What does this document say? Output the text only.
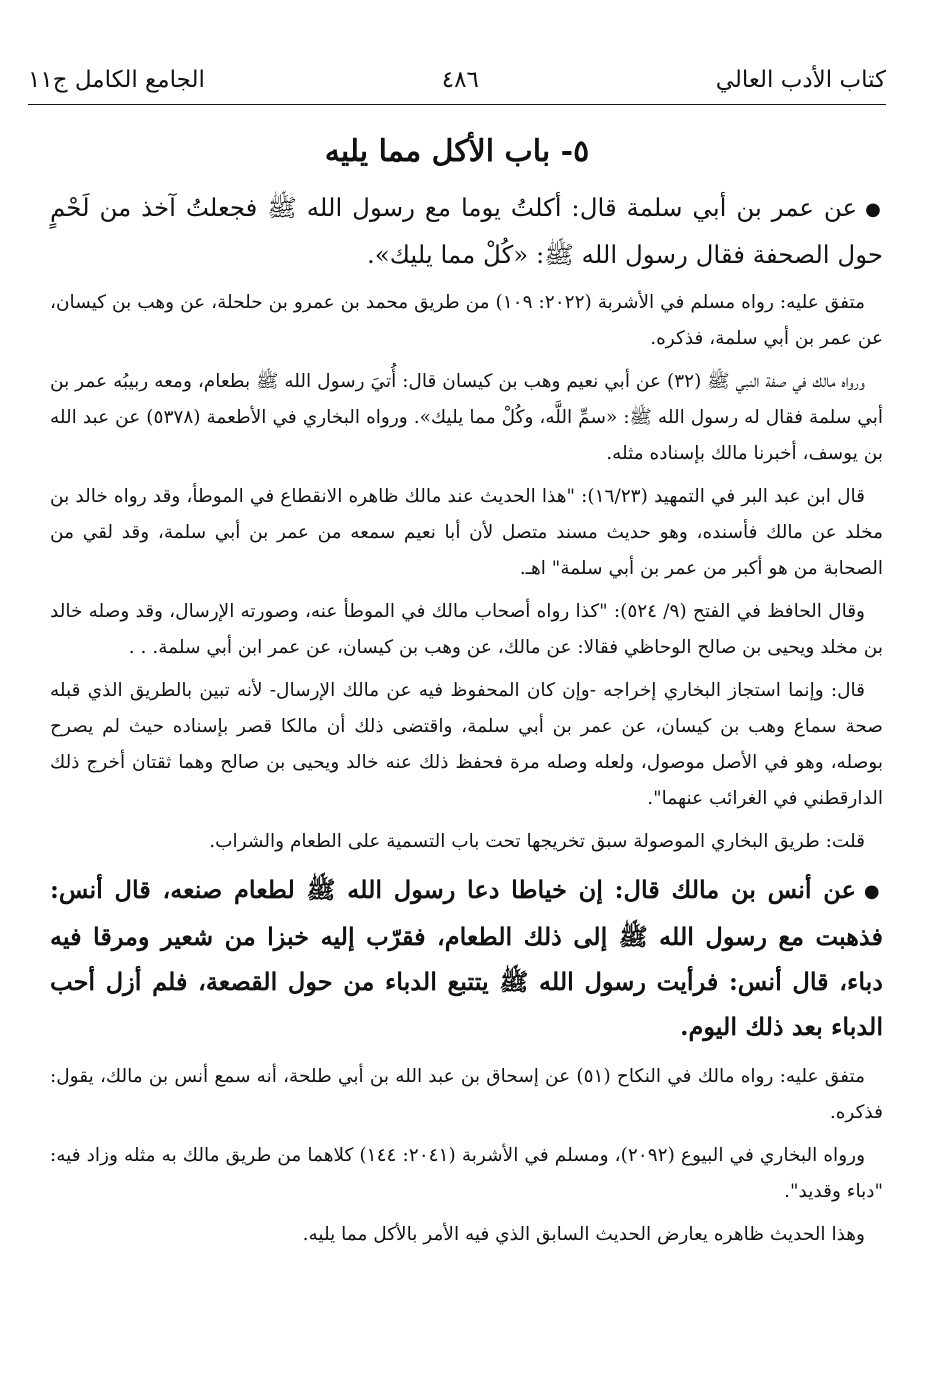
كتاب الأدب العالي
٤٨٦
الجامع الكامل ج١١
٥- باب الأكل مما يليه

●عن عمر بن أبي سلمة قال: أكلتُ يوما مع رسول الله ﷺ فجعلتُ آخذ من لَحْمٍ حول الصحفة فقال رسول الله ﷺ: «كُلْ مما يليك».

متفق عليه: رواه مسلم في الأشربة (٢٠٢٢: ١٠٩) من طريق محمد بن عمرو بن حلحلة، عن وهب بن كيسان، عن عمر بن أبي سلمة، فذكره.

ورواه مالك في صفة النبي ﷺ (٣٢) عن أبي نعيم وهب بن كيسان قال: أُتيَ رسول الله ﷺ بطعام، ومعه ربيبُه عمر بن أبي سلمة فقال له رسول الله ﷺ: «سمِّ اللَّه، وكُلْ مما يليك». ورواه البخاري في الأطعمة (٥٣٧٨) عن عبد الله بن يوسف، أخبرنا مالك بإسناده مثله.

قال ابن عبد البر في التمهيد (١٦/٢٣): "هذا الحديث عند مالك ظاهره الانقطاع في الموطأ، وقد رواه خالد بن مخلد عن مالك فأسنده، وهو حديث مسند متصل لأن أبا نعيم سمعه من عمر بن أبي سلمة، وقد لقي من الصحابة من هو أكبر من عمر بن أبي سلمة" اهـ.

وقال الحافظ في الفتح (٩/ ٥٢٤): "كذا رواه أصحاب مالك في الموطأ عنه، وصورته الإرسال، وقد وصله خالد بن مخلد ويحيى بن صالح الوحاظي فقالا: عن مالك، عن وهب بن كيسان، عن عمر ابن أبي سلمة. . .

قال: وإنما استجاز البخاري إخراجه -وإن كان المحفوظ فيه عن مالك الإرسال- لأنه تبين بالطريق الذي قبله صحة سماع وهب بن كيسان، عن عمر بن أبي سلمة، واقتضى ذلك أن مالكا قصر بإسناده حيث لم يصرح بوصله، وهو في الأصل موصول، ولعله وصله مرة فحفظ ذلك عنه خالد ويحيى بن صالح وهما ثقتان أخرج ذلك الدارقطني في الغرائب عنهما".

قلت: طريق البخاري الموصولة سبق تخريجها تحت باب التسمية على الطعام والشراب.

●عن أنس بن مالك قال: إن خياطا دعا رسول الله ﷺ لطعام صنعه، قال أنس: فذهبت مع رسول الله ﷺ إلى ذلك الطعام، فقرّب إليه خبزا من شعير ومرقا فيه دباء، قال أنس: فرأيت رسول الله ﷺ يتتبع الدباء من حول القصعة، فلم أزل أحب الدباء بعد ذلك اليوم.

متفق عليه: رواه مالك في النكاح (٥١) عن إسحاق بن عبد الله بن أبي طلحة، أنه سمع أنس بن مالك، يقول: فذكره.

ورواه البخاري في البيوع (٢٠٩٢)، ومسلم في الأشربة (٢٠٤١: ١٤٤) كلاهما من طريق مالك به مثله وزاد فيه: "دباء وقديد".

وهذا الحديث ظاهره يعارض الحديث السابق الذي فيه الأمر بالأكل مما يليه.
